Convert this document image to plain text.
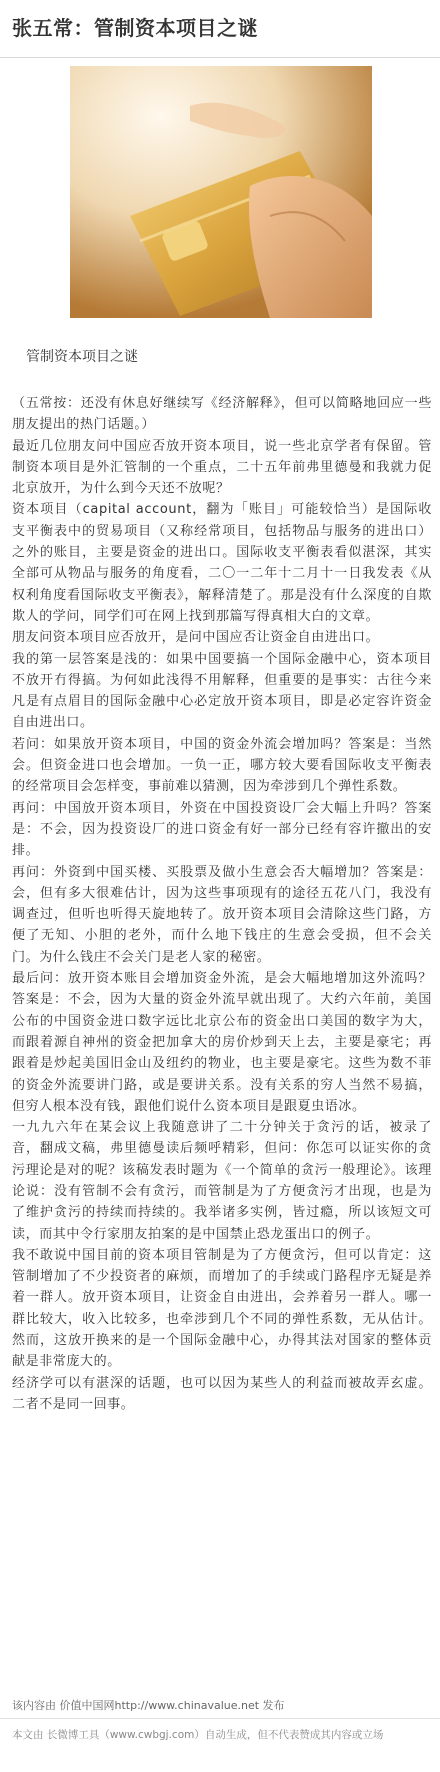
张五常：管制资本项目之谜
管制资本项目之谜

（五常按：还没有休息好继续写《经济解释》，但可以简略地回应一些朋友提出的热门话题。）

最近几位朋友问中国应否放开资本项目，说一些北京学者有保留。管制资本项目是外汇管制的一个重点，二十五年前弗里德曼和我就力促北京放开，为什么到今天还不放呢？

资本项目（capital account，翻为「账目」可能较恰当）是国际收支平衡表中的贸易项目（又称经常项目，包括物品与服务的进出口）之外的账目，主要是资金的进出口。国际收支平衡表看似湛深，其实全部可从物品与服务的角度看，二〇一二年十二月十一日我发表《从权利角度看国际收支平衡表》，解释清楚了。那是没有什么深度的自欺欺人的学问，同学们可在网上找到那篇写得真相大白的文章。

朋友问资本项目应否放开，是问中国应否让资金自由进出口。

我的第一层答案是浅的：如果中国要搞一个国际金融中心，资本项目不放开冇得搞。为何如此浅得不用解释，但重要的是事实：古往今来凡是有点眉目的国际金融中心必定放开资本项目，即是必定容许资金自由进出口。

若问：如果放开资本项目，中国的资金外流会增加吗？答案是：当然会。但资金进口也会增加。一负一正，哪方较大要看国际收支平衡表的经常项目会怎样变，事前难以猜测，因为牵涉到几个弹性系数。

再问：中国放开资本项目，外资在中国投资设厂会大幅上升吗？答案是：不会，因为投资设厂的进口资金有好一部分已经有容许撤出的安排。

再问：外资到中国买楼、买股票及做小生意会否大幅增加？答案是：会，但有多大很难估计，因为这些事项现有的途径五花八门，我没有调查过，但听也听得天旋地转了。放开资本项目会清除这些门路，方便了无知、小胆的老外，而什么地下钱庄的生意会受损，但不会关门。为什么钱庄不会关门是老人家的秘密。

最后问：放开资本账目会增加资金外流，是会大幅地增加这外流吗？答案是：不会，因为大量的资金外流早就出现了。大约六年前，美国公布的中国资金进口数字远比北京公布的资金出口美国的数字为大，而跟着源自神州的资金把加拿大的房价炒到天上去，主要是豪宅；再跟着是炒起美国旧金山及纽约的物业，也主要是豪宅。这些为数不菲的资金外流要讲门路，或是要讲关系。没有关系的穷人当然不易搞，但穷人根本没有钱，跟他们说什么资本项目是跟夏虫语冰。

一九九六年在某会议上我随意讲了二十分钟关于贪污的话，被录了音，翻成文稿，弗里德曼读后频呼精彩，但问：你怎可以证实你的贪污理论是对的呢？该稿发表时题为《一个简单的贪污一般理论》。该理论说：没有管制不会有贪污，而管制是为了方便贪污才出现，也是为了维护贪污的持续而持续的。我举诸多实例，皆过瘾，所以该短文可读，而其中令行家朋友拍案的是中国禁止恐龙蛋出口的例子。

我不敢说中国目前的资本项目管制是为了方便贪污，但可以肯定：这管制增加了不少投资者的麻烦，而增加了的手续或门路程序无疑是养着一群人。放开资本项目，让资金自由进出，会养着另一群人。哪一群比较大，收入比较多，也牵涉到几个不同的弹性系数，无从估计。然而，这放开换来的是一个国际金融中心，办得其法对国家的整体贡献是非常庞大的。

经济学可以有湛深的话题，也可以因为某些人的利益而被故弄玄虚。二者不是同一回事。

该内容由 价值中国网http://www.chinavalue.net 发布
本文由 长微博工具（www.cwbgj.com）自动生成，但不代表赞成其内容或立场
